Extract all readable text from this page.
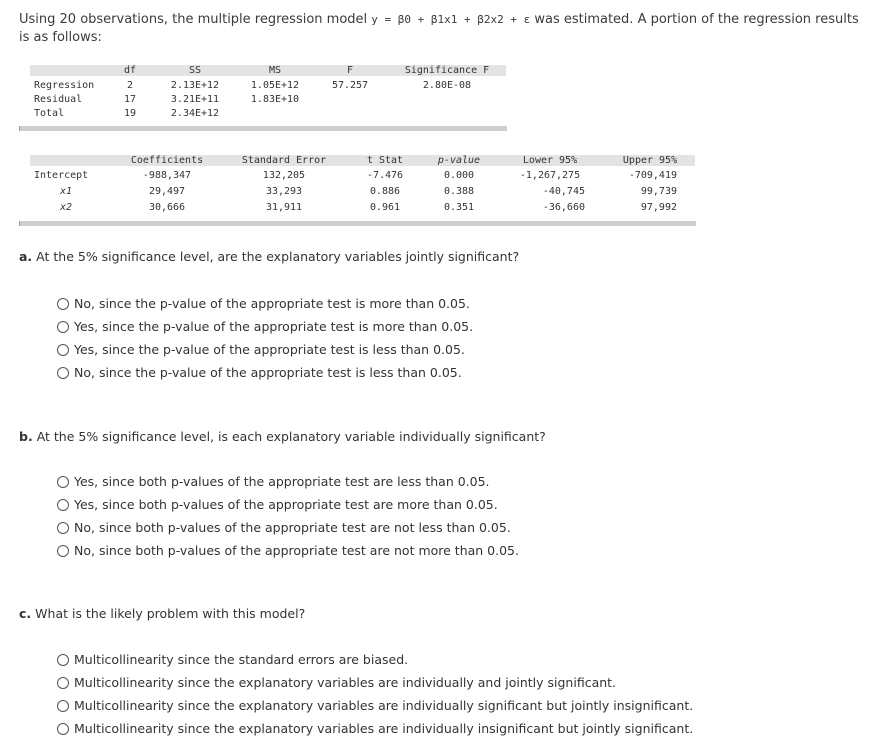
Using 20 observations, the multiple regression model y = β0 + β1x1 + β2x2 + ε was estimated. A portion of the regression results is as follows:
df	SS	MS	F	Significance F
Regression	2	2.13E+12	1.05E+12	57.257	2.80E-08
Residual	17	3.21E+11	1.83E+10
Total	19	2.34E+12
Coefficients	Standard Error	t Stat	p-value	Lower 95%	Upper 95%
Intercept	-988,347	132,205	-7.476	0.000	-1,267,275	-709,419
x1	29,497	33,293	0.886	0.388	-40,745	99,739
x2	30,666	31,911	0.961	0.351	-36,660	97,992
a. At the 5% significance level, are the explanatory variables jointly significant?
No, since the p-value of the appropriate test is more than 0.05.
Yes, since the p-value of the appropriate test is more than 0.05.
Yes, since the p-value of the appropriate test is less than 0.05.
No, since the p-value of the appropriate test is less than 0.05.
b. At the 5% significance level, is each explanatory variable individually significant?
Yes, since both p-values of the appropriate test are less than 0.05.
Yes, since both p-values of the appropriate test are more than 0.05.
No, since both p-values of the appropriate test are not less than 0.05.
No, since both p-values of the appropriate test are not more than 0.05.
c. What is the likely problem with this model?
Multicollinearity since the standard errors are biased.
Multicollinearity since the explanatory variables are individually and jointly significant.
Multicollinearity since the explanatory variables are individually significant but jointly insignificant.
Multicollinearity since the explanatory variables are individually insignificant but jointly significant.
